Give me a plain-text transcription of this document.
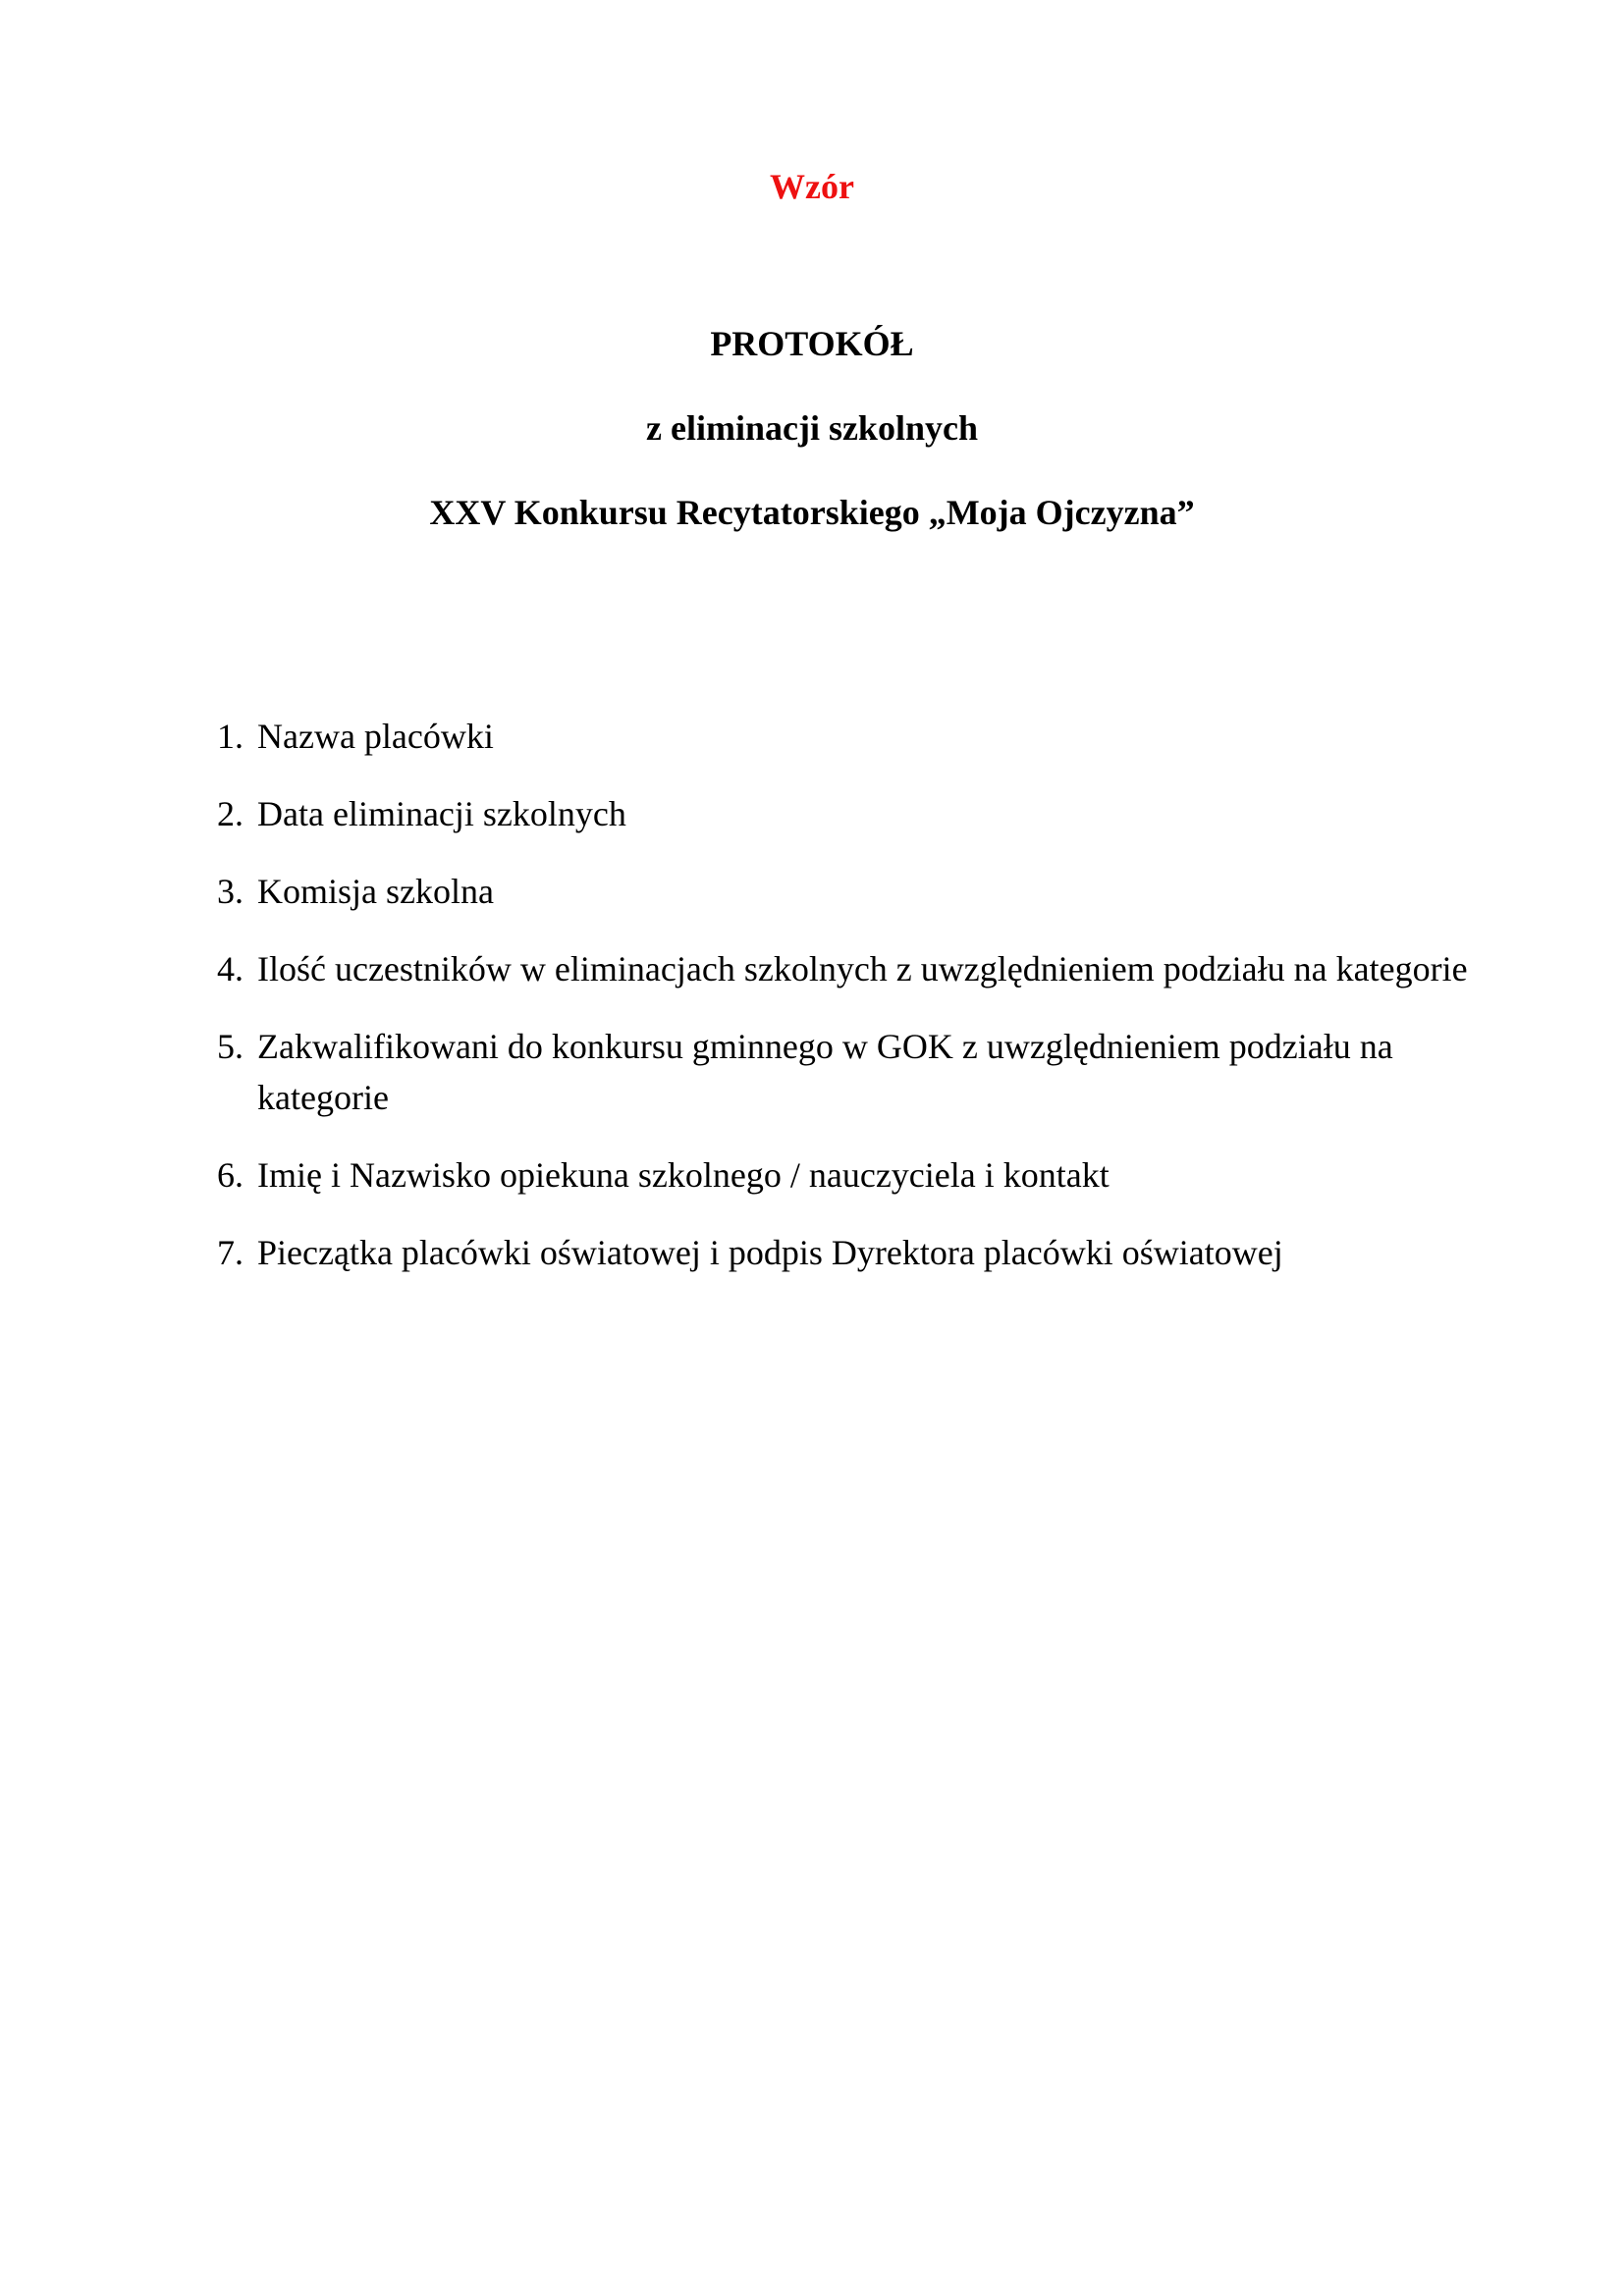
Wzór

PROTOKÓŁ
z eliminacji szkolnych
XXV Konkursu Recytatorskiego „Moja Ojczyzna”
1. Nazwa placówki
2. Data eliminacji szkolnych
3. Komisja szkolna
4. Ilość uczestników w eliminacjach szkolnych z uwzględnieniem podziału na kategorie
5. Zakwalifikowani do konkursu gminnego w GOK z uwzględnieniem podziału na kategorie
6. Imię i Nazwisko opiekuna szkolnego / nauczyciela i kontakt
7. Pieczątka placówki oświatowej i podpis Dyrektora placówki oświatowej
